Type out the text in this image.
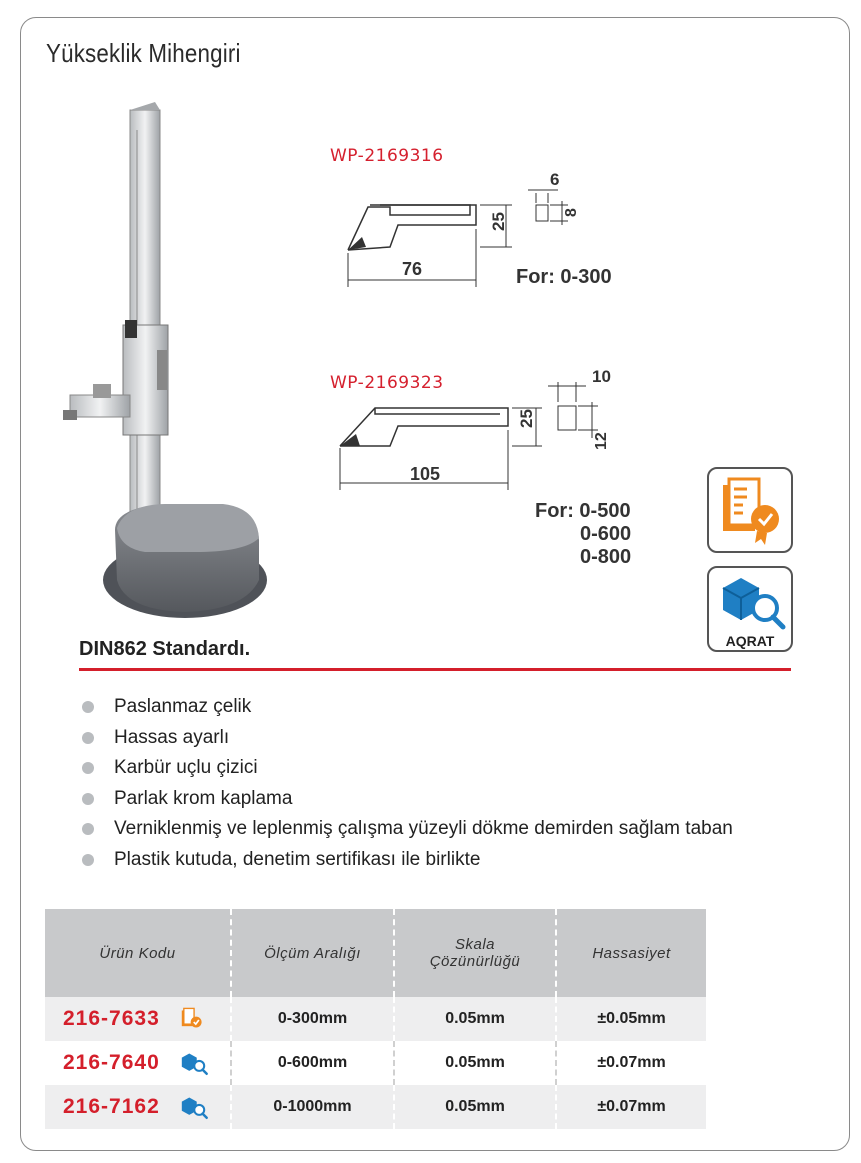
Yükseklik Mihengiri
WP-2169316
76
25
6
8
For: 0-300
WP-2169323
105
25
10
12
For: 0-500
0-600
0-800
AQRAT
DIN862 Standardı.
Paslanmaz çelik
Hassas ayarlı
Karbür uçlu çizici
Parlak krom kaplama
Verniklenmiş ve leplenmiş çalışma yüzeyli dökme demirden sağlam taban
Plastik kutuda, denetim sertifikası ile birlikte
Ürün Kodu	Ölçüm Aralığı	Skala Çözünürlüğü	Hassasiyet
216-7633	0-300mm	0.05mm	±0.05mm
216-7640	0-600mm	0.05mm	±0.07mm
216-7162	0-1000mm	0.05mm	±0.07mm
